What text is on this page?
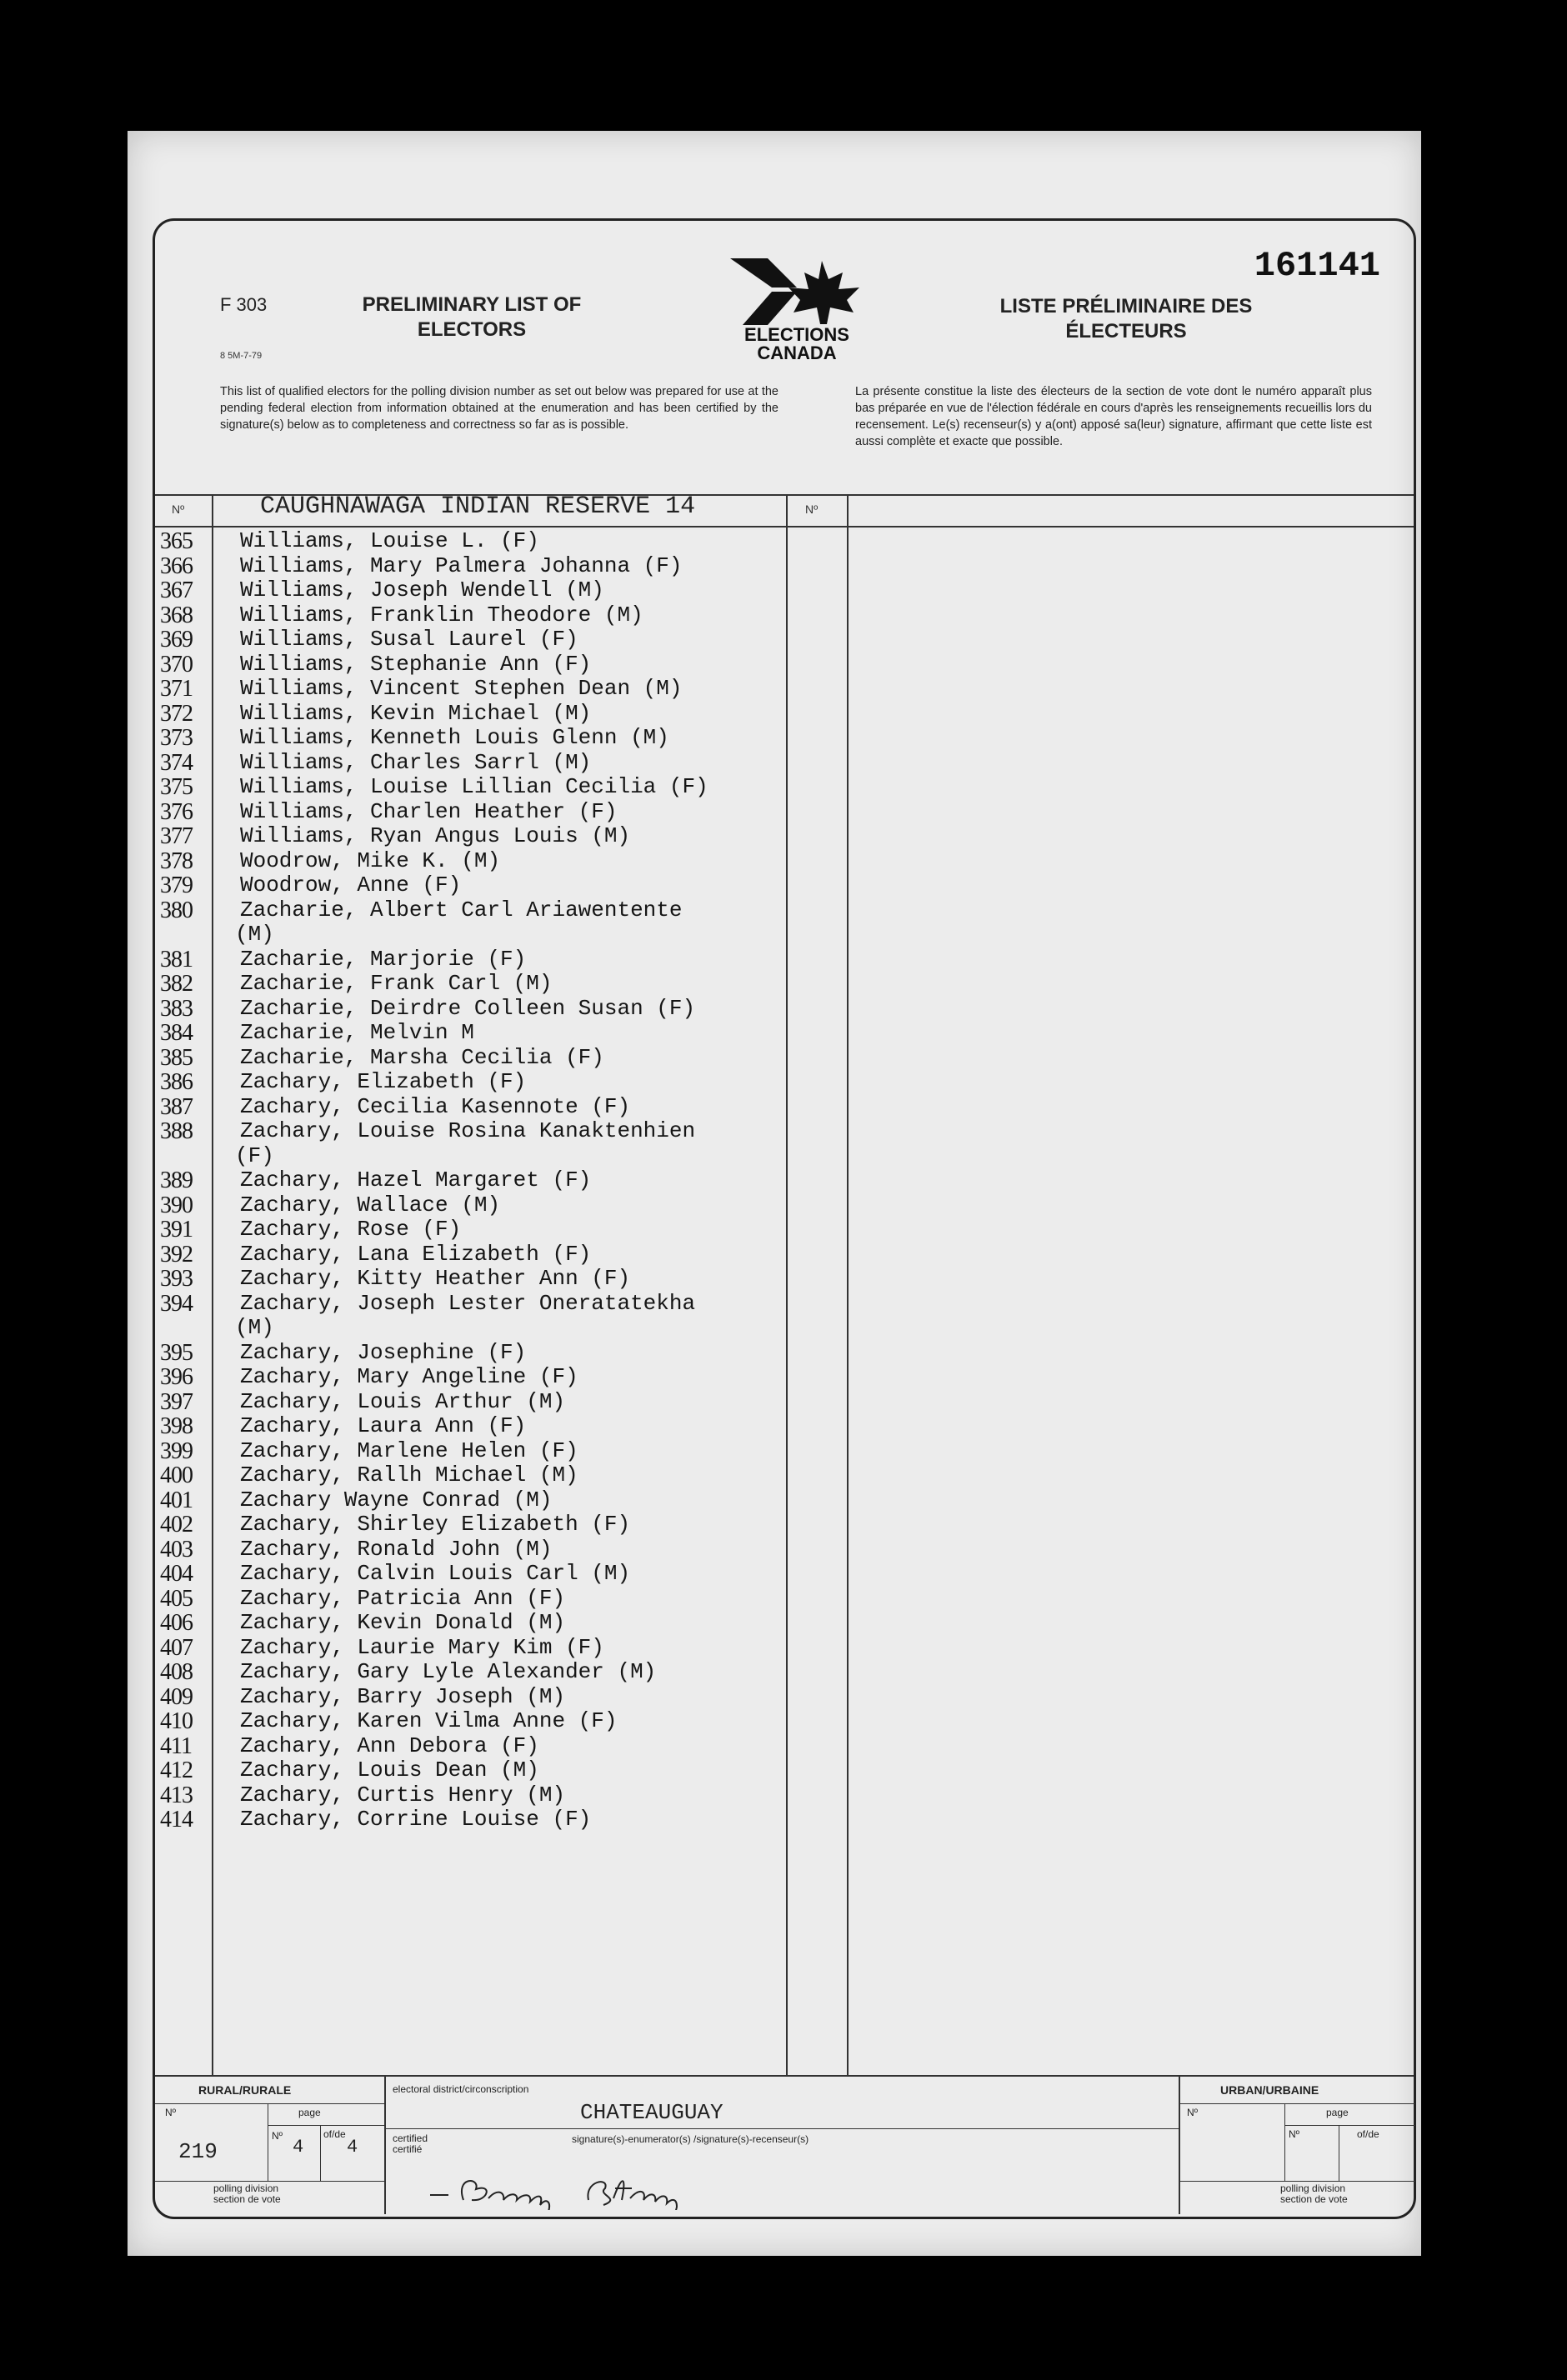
161141
F 303
8 5M-7-79
PRELIMINARY LIST OF ELECTORS
LISTE PRÉLIMINAIRE DES ÉLECTEURS
ELECTIONS
CANADA
This list of qualified electors for the polling division number as set out below was prepared for use at the pending federal election from information obtained at the enumeration and has been certified by the signature(s) below as to completeness and correctness so far as is possible.
La présente constitue la liste des électeurs de la section de vote dont le numéro apparaît plus bas préparée en vue de l'élection fédérale en cours d'après les renseignements recueillis lors du recensement. Le(s) recenseur(s) y a(ont) apposé sa(leur) signature, affirmant que cette liste est aussi complète et exacte que possible.
Nº	Nº
CAUGHNAWAGA INDIAN RESERVE 14
365	Williams, Louise L. (F)
366	Williams, Mary Palmera Johanna (F)
367	Williams, Joseph Wendell (M)
368	Williams, Franklin Theodore (M)
369	Williams, Susal Laurel (F)
370	Williams, Stephanie Ann (F)
371	Williams, Vincent Stephen Dean (M)
372	Williams, Kevin Michael (M)
373	Williams, Kenneth Louis Glenn (M)
374	Williams, Charles Sarrl (M)
375	Williams, Louise Lillian Cecilia (F)
376	Williams, Charlen Heather (F)
377	Williams, Ryan Angus Louis (M)
378	Woodrow, Mike K. (M)
379	Woodrow, Anne (F)
380	Zacharie, Albert Carl Ariawentente
(M)
381	Zacharie, Marjorie (F)
382	Zacharie, Frank Carl (M)
383	Zacharie, Deirdre Colleen Susan (F)
384	Zacharie, Melvin M
385	Zacharie, Marsha Cecilia (F)
386	Zachary, Elizabeth (F)
387	Zachary, Cecilia Kasennote (F)
388	Zachary, Louise Rosina Kanaktenhien
(F)
389	Zachary, Hazel Margaret (F)
390	Zachary, Wallace (M)
391	Zachary, Rose (F)
392	Zachary, Lana Elizabeth (F)
393	Zachary, Kitty Heather Ann (F)
394	Zachary, Joseph Lester Oneratatekha
(M)
395	Zachary, Josephine (F)
396	Zachary, Mary Angeline (F)
397	Zachary, Louis Arthur (M)
398	Zachary, Laura Ann (F)
399	Zachary, Marlene Helen (F)
400	Zachary, Rallh Michael (M)
401	Zachary Wayne Conrad (M)
402	Zachary, Shirley Elizabeth (F)
403	Zachary, Ronald John (M)
404	Zachary, Calvin Louis Carl (M)
405	Zachary, Patricia Ann (F)
406	Zachary, Kevin Donald (M)
407	Zachary, Laurie Mary Kim (F)
408	Zachary, Gary Lyle Alexander (M)
409	Zachary, Barry Joseph (M)
410	Zachary, Karen Vilma Anne (F)
411	Zachary, Ann Debora (F)
412	Zachary, Louis Dean (M)
413	Zachary, Curtis Henry (M)
414	Zachary, Corrine Louise (F)
RURAL/RURALE
Nº	page
219
Nº
4
of/de
4
polling division
section de vote
electoral district/circonscription
CHATEAUGUAY
certified
certifié
signature(s)-enumerator(s) /signature(s)-recenseur(s)
URBAN/URBAINE
Nº	page
Nº	of/de
polling division
section de vote
